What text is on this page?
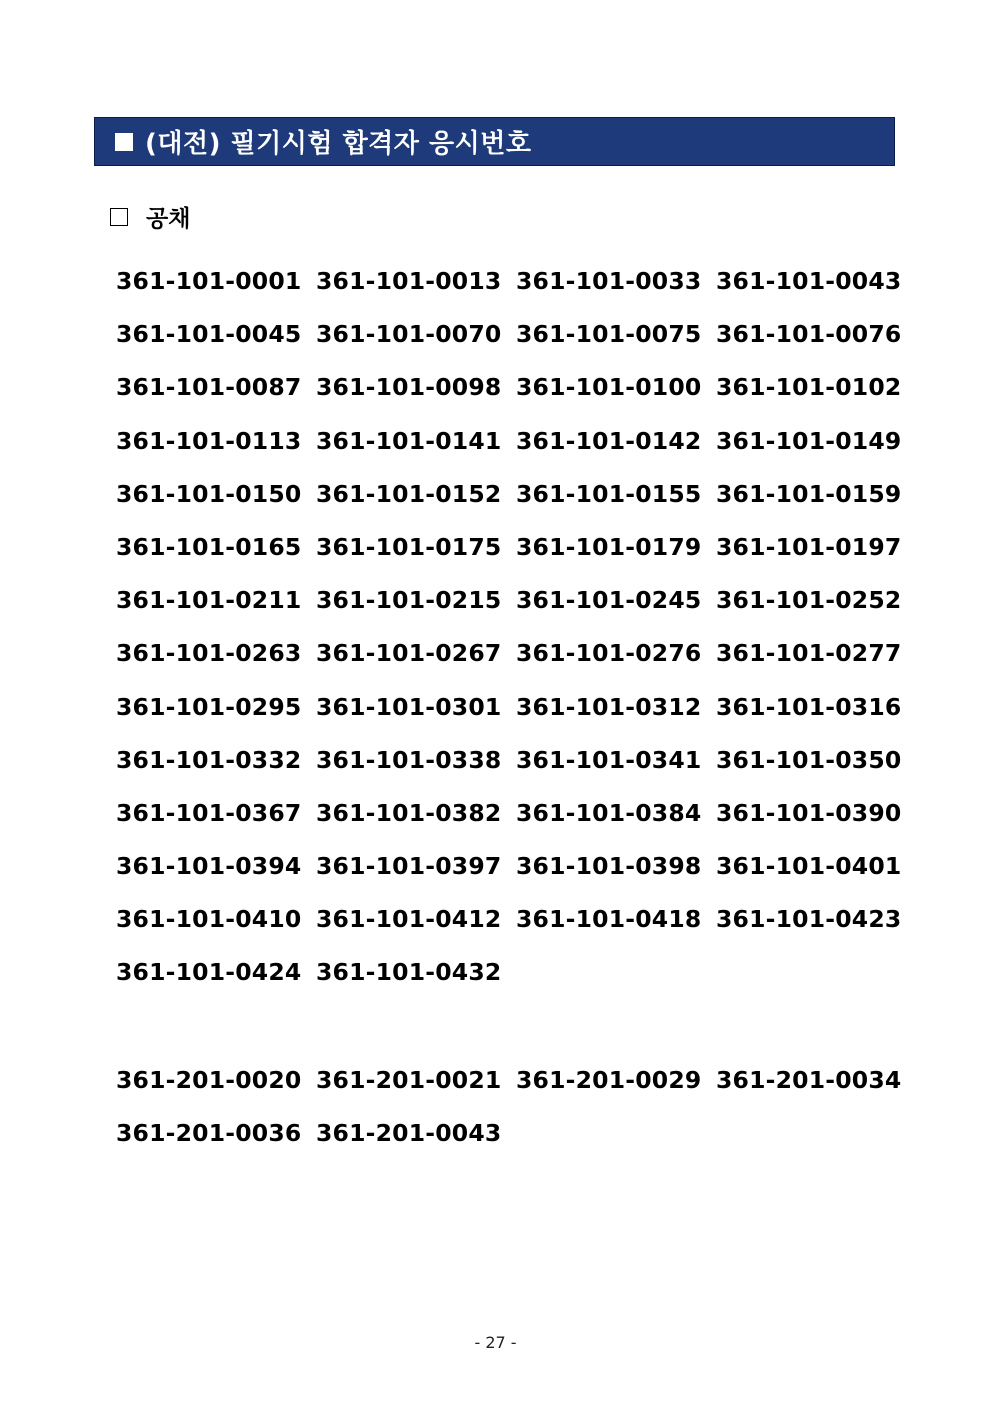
(대전) 필기시험 합격자 응시번호
공채
361-101-0001 361-101-0013 361-101-0033 361-101-0043
361-101-0045 361-101-0070 361-101-0075 361-101-0076
361-101-0087 361-101-0098 361-101-0100 361-101-0102
361-101-0113 361-101-0141 361-101-0142 361-101-0149
361-101-0150 361-101-0152 361-101-0155 361-101-0159
361-101-0165 361-101-0175 361-101-0179 361-101-0197
361-101-0211 361-101-0215 361-101-0245 361-101-0252
361-101-0263 361-101-0267 361-101-0276 361-101-0277
361-101-0295 361-101-0301 361-101-0312 361-101-0316
361-101-0332 361-101-0338 361-101-0341 361-101-0350
361-101-0367 361-101-0382 361-101-0384 361-101-0390
361-101-0394 361-101-0397 361-101-0398 361-101-0401
361-101-0410 361-101-0412 361-101-0418 361-101-0423
361-101-0424 361-101-0432
361-201-0020 361-201-0021 361-201-0029 361-201-0034
361-201-0036 361-201-0043
- 27 -
